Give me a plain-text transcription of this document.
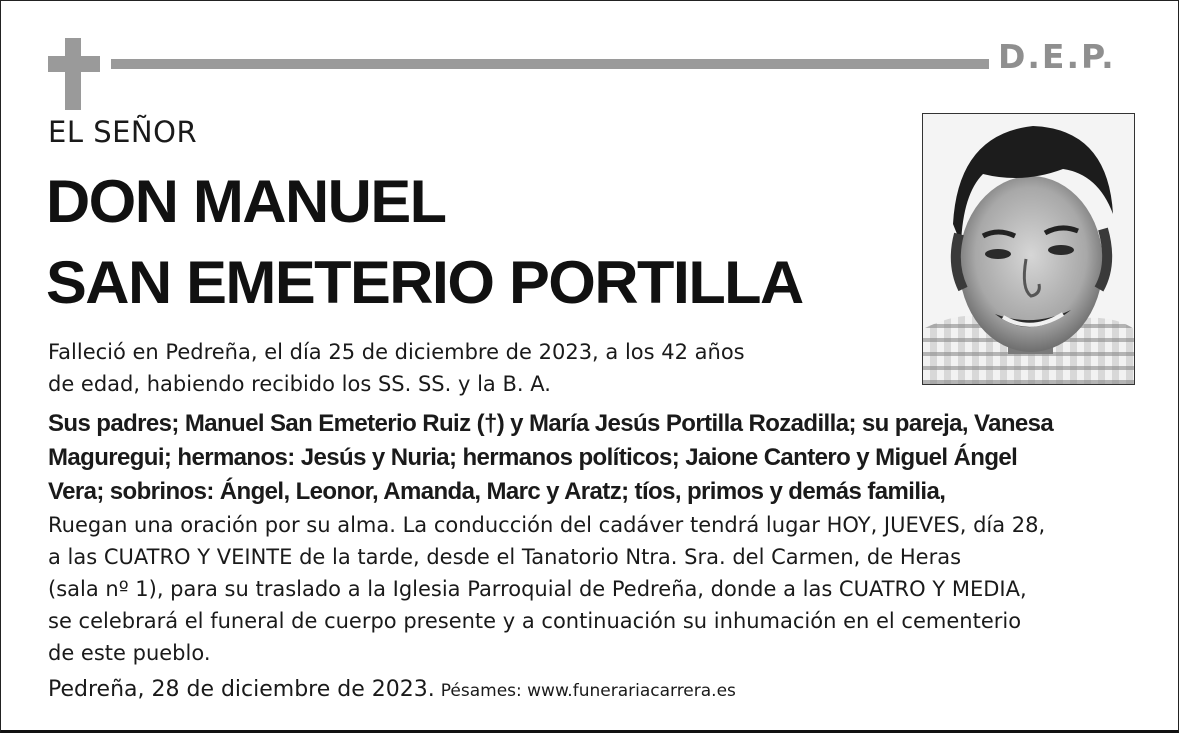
D.E.P.
EL SEÑOR
DON MANUEL
SAN EMETERIO PORTILLA
Falleció en Pedreña, el día 25 de diciembre de 2023, a los 42 años
de edad, habiendo recibido los SS. SS. y la B. A.
Sus padres; Manuel San Emeterio Ruiz (†) y María Jesús Portilla Rozadilla; su pareja, Vanesa
Maguregui; hermanos: Jesús y Nuria; hermanos políticos; Jaione Cantero y Miguel Ángel
Vera; sobrinos: Ángel, Leonor, Amanda, Marc y Aratz; tíos, primos y demás familia,
Ruegan una oración por su alma. La conducción del cadáver tendrá lugar HOY, JUEVES, día 28,
a las CUATRO Y VEINTE de la tarde, desde el Tanatorio Ntra. Sra. del Carmen, de Heras
(sala nº 1), para su traslado a la Iglesia Parroquial de Pedreña, donde a las CUATRO Y MEDIA,
se celebrará el funeral de cuerpo presente y a continuación su inhumación en el cementerio
de este pueblo.
Pedreña, 28 de diciembre de 2023. Pésames: www.funerariacarrera.es
